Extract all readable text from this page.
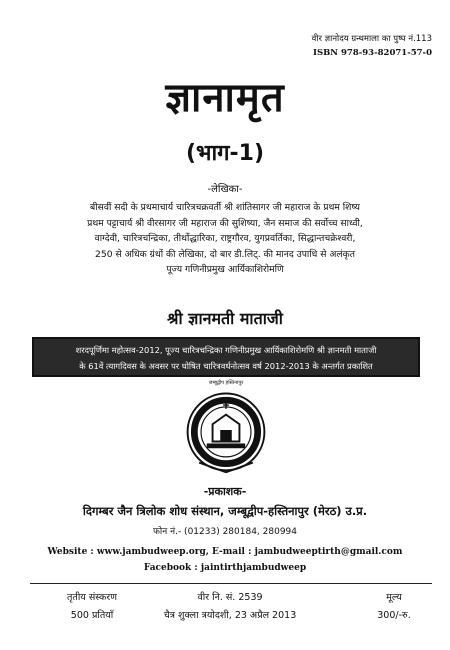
वीर ज्ञानोदय ग्रन्थमाला का पुष्प नं.113
ISBN 978-93-82071-57-0
ज्ञानामृत
(भाग-1)
-लेखिका-
बीसवीं सदी के प्रथमाचार्य चारित्रचक्रवर्ती श्री शांतिसागर जी महाराज के प्रथम शिष्य
प्रथम पट्टाचार्य श्री वीरसागर जी महाराज की सुशिष्या, जैन समाज की सर्वोच्च साध्वी,
वाग्देवी, चारित्रचन्द्रिका, तीर्थोद्धारिका, राष्ट्रगौरव, युगप्रवर्तिका, सिद्धान्तचक्रेश्वरी,
250 से अधिक ग्रंथों की लेखिका, दो बार डी.लिट्. की मानद उपाधि से अलंकृत
पूज्य गणिनीप्रमुख आर्यिकाशिरोमणि
श्री ज्ञानमती माताजी
शरदपूर्णिमा महोत्सव-2012, पूज्य चारित्रचन्द्रिका गणिनीप्रमुख आर्यिकाशिरोमणि श्री ज्ञानमती माताजी
के 61वें त्यागदिवस के अवसर पर घोषित चारित्रवर्धनोत्सव वर्ष 2012-2013 के अन्तर्गत प्रकाशित
जम्बूद्वीप हस्तिनापुर
-प्रकाशक-
दिगम्बर जैन त्रिलोक शोध संस्थान, जम्बूद्वीप-हस्तिनापुर (मेरठ) उ.प्र.
फोन नं.- (01233) 280184, 280994
Website : www.jambudweep.org, E-mail : jambudweeptirth@gmail.com
Facebook : jaintirthjambudweep
तृतीय संस्करण
500 प्रतियाँ
वीर नि. सं. 2539
चैत्र शुक्ला त्रयोदशी, 23 अप्रैल 2013
मूल्य
300/-रु.
